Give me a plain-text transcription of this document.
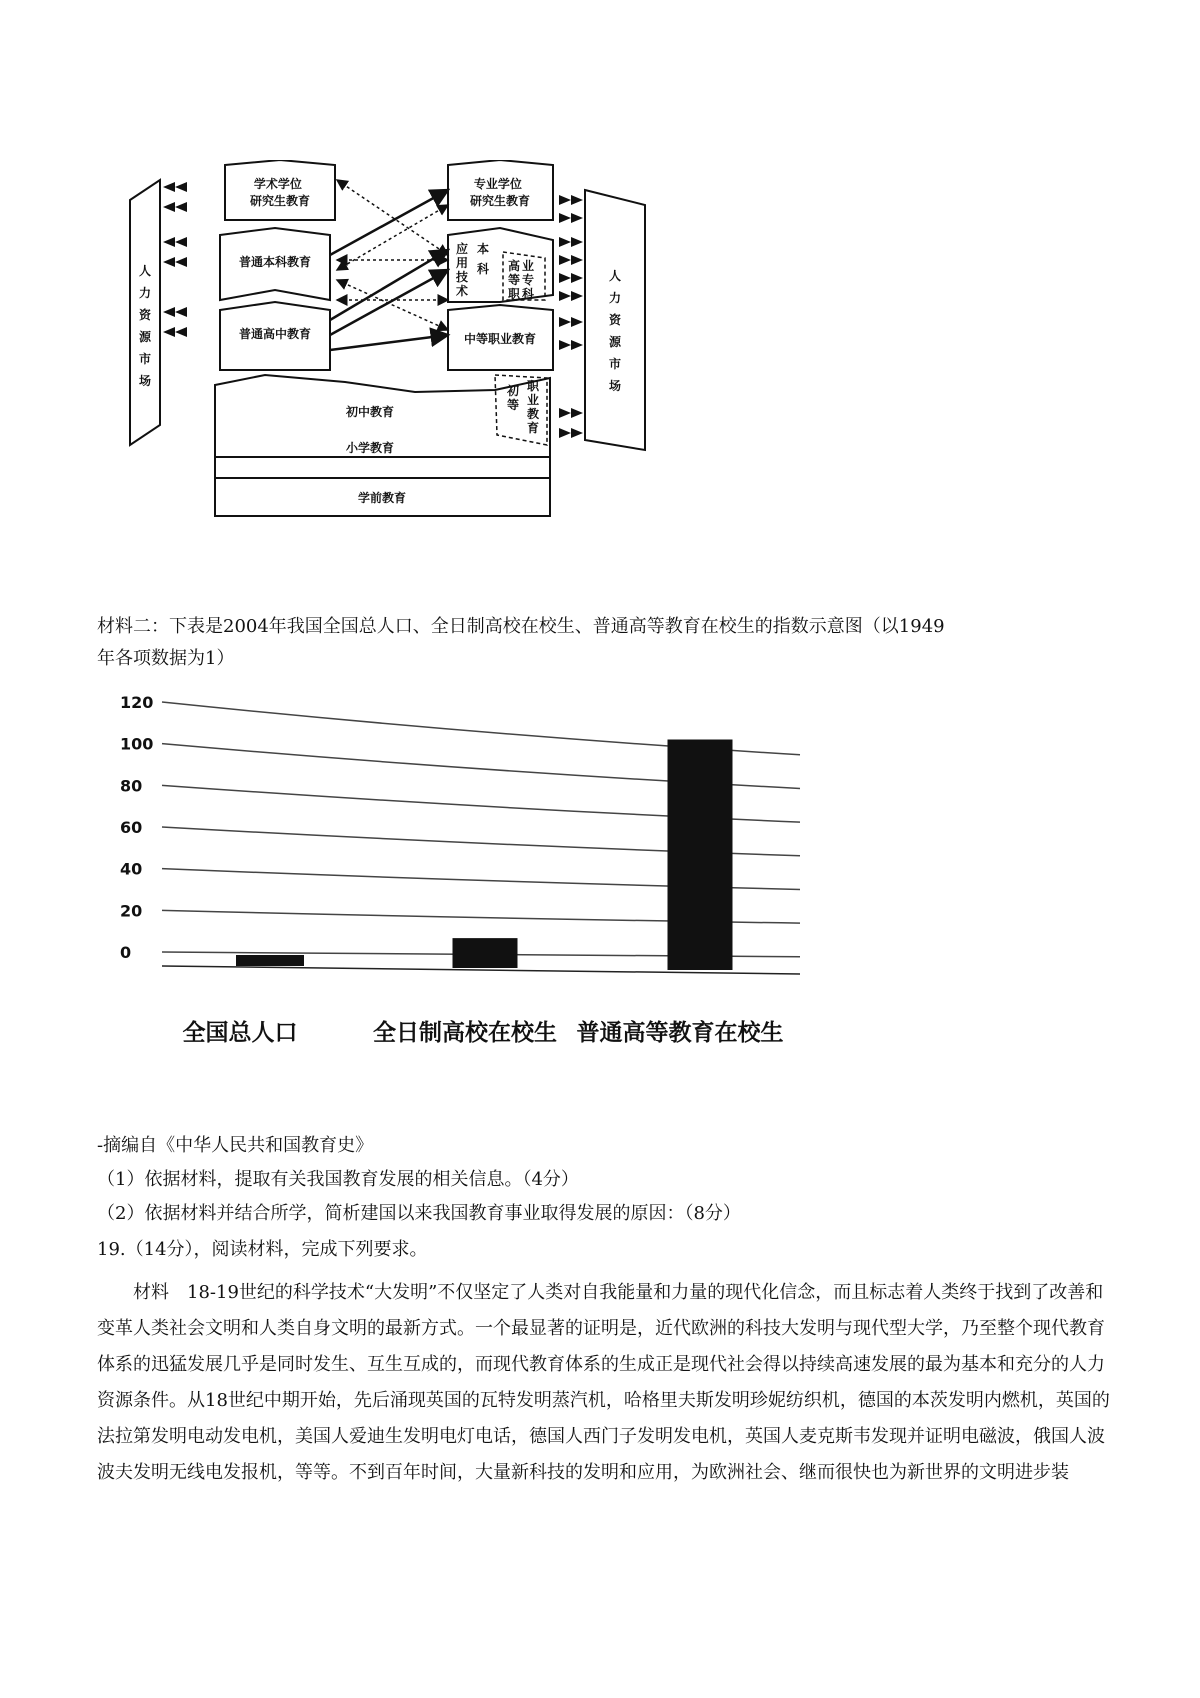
学术学位 研究生教育
专业学位 研究生教育
普通本科教育
应用 技术
本科 高 业 等 专 职 科
普通高中教育	中等职业教育
初中教育
小学教育
初等 职业 教育
学前教育
人
力
资
源
市
场
人
力
资
源
市
场
材料二：下表是2004年我国全国总人口、全日制高校在校生、普通高等教育在校生的指数示意图（以1949
年各项数据为1）
0
20
40
60
80
100
120
全国总人口	全日制高校在校生 普通高等教育在校生
-摘编自《中华人民共和国教育史》
（1）依据材料，提取有关我国教育发展的相关信息。（4分）
（2）依据材料并结合所学，简析建国以来我国教育事业取得发展的原因：（8分）
19.（14分），阅读材料，完成下列要求。
材料　18-19世纪的科学技术“大发明”不仅坚定了人类对自我能量和力量的现代化信念，而且标志着人类终于找到了改善和变革人类社会文明和人类自身文明的最新方式。一个最显著的证明是，近代欧洲的科技大发明与现代型大学，乃至整个现代教育体系的迅猛发展几乎是同时发生、互生互成的，而现代教育体系的生成正是现代社会得以持续高速发展的最为基本和充分的人力资源条件。从18世纪中期开始，先后涌现英国的瓦特发明蒸汽机，哈格里夫斯发明珍妮纺织机，德国的本茨发明内燃机，英国的法拉第发明电动发电机，美国人爱迪生发明电灯电话，德国人西门子发明发电机，英国人麦克斯韦发现并证明电磁波，俄国人波波夫发明无线电发报机，等等。不到百年时间，大量新科技的发明和应用，为欧洲社会、继而很快也为新世界的文明进步装
